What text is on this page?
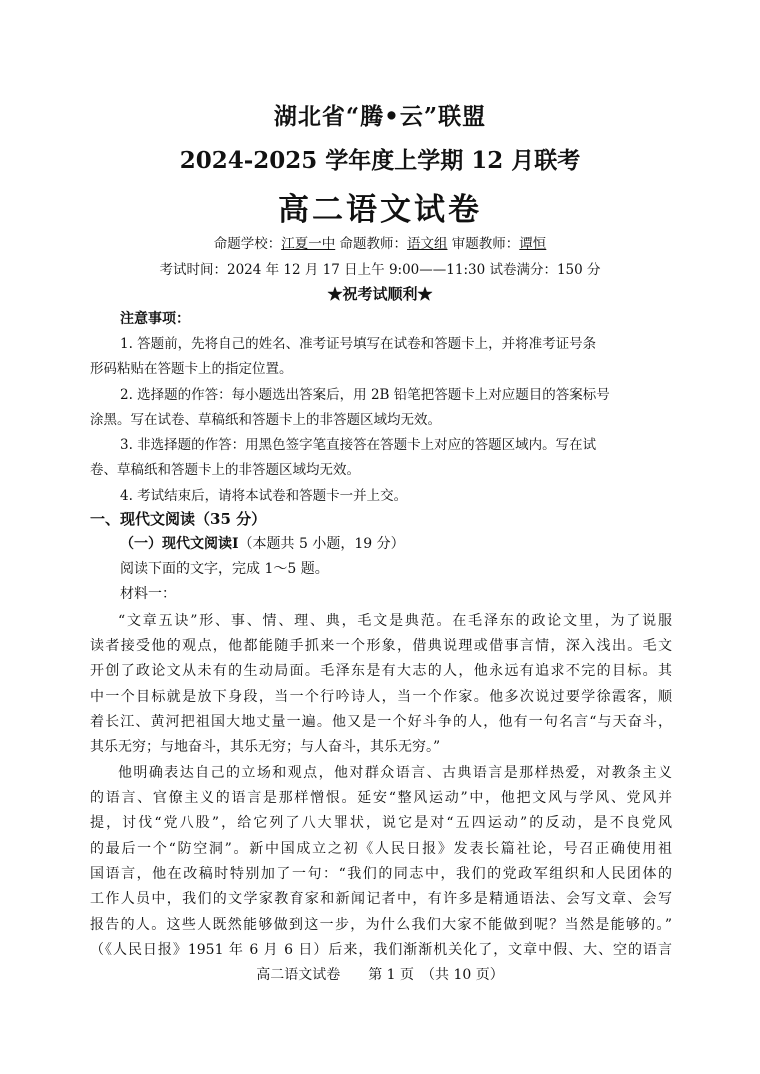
湖北省“腾•云”联盟
2024-2025 学年度上学期 12 月联考
高二语文试卷
命题学校：江夏一中 命题教师：语文组 审题教师：谭恒
考试时间：2024 年 12 月 17 日上午 9:00——11:30 试卷满分：150 分
★祝考试顺利★
注意事项：
1. 答题前，先将自己的姓名、准考证号填写在试卷和答题卡上，并将准考证号条
形码粘贴在答题卡上的指定位置。
2. 选择题的作答：每小题选出答案后，用 2B 铅笔把答题卡上对应题目的答案标号
涂黑。写在试卷、草稿纸和答题卡上的非答题区域均无效。
3. 非选择题的作答：用黑色签字笔直接答在答题卡上对应的答题区域内。写在试
卷、草稿纸和答题卡上的非答题区域均无效。
4. 考试结束后，请将本试卷和答题卡一并上交。
一、现代文阅读（35 分）
（一）现代文阅读Ⅰ（本题共 5 小题，19 分）
阅读下面的文字，完成 1～5 题。
材料一：
“文章五诀”形、事、情、理、典，毛文是典范。在毛泽东的政论文里，为了说服
读者接受他的观点，他都能随手抓来一个形象，借典说理或借事言情，深入浅出。毛文
开创了政论文从未有的生动局面。毛泽东是有大志的人，他永远有追求不完的目标。其
中一个目标就是放下身段，当一个行吟诗人，当一个作家。他多次说过要学徐霞客，顺
着长江、黄河把祖国大地丈量一遍。他又是一个好斗争的人，他有一句名言“与天奋斗，
其乐无穷；与地奋斗，其乐无穷；与人奋斗，其乐无穷。”
他明确表达自己的立场和观点，他对群众语言、古典语言是那样热爱，对教条主义
的语言、官僚主义的语言是那样憎恨。延安“整风运动”中，他把文风与学风、党风并
提，讨伐“党八股”，给它列了八大罪状，说它是对“五四运动”的反动，是不良党风
的最后一个“防空洞”。新中国成立之初《人民日报》发表长篇社论，号召正确使用祖
国语言，他在改稿时特别加了一句：“我们的同志中，我们的党政军组织和人民团体的
工作人员中，我们的文学家教育家和新闻记者中，有许多是精通语法、会写文章、会写
报告的人。这些人既然能够做到这一步，为什么我们大家不能做到呢？当然是能够的。”
（《人民日报》1951 年 6 月 6 日）后来，我们渐渐机关化了，文章中假、大、空的语言
高二语文试卷　　第 1 页　（共 10 页）
